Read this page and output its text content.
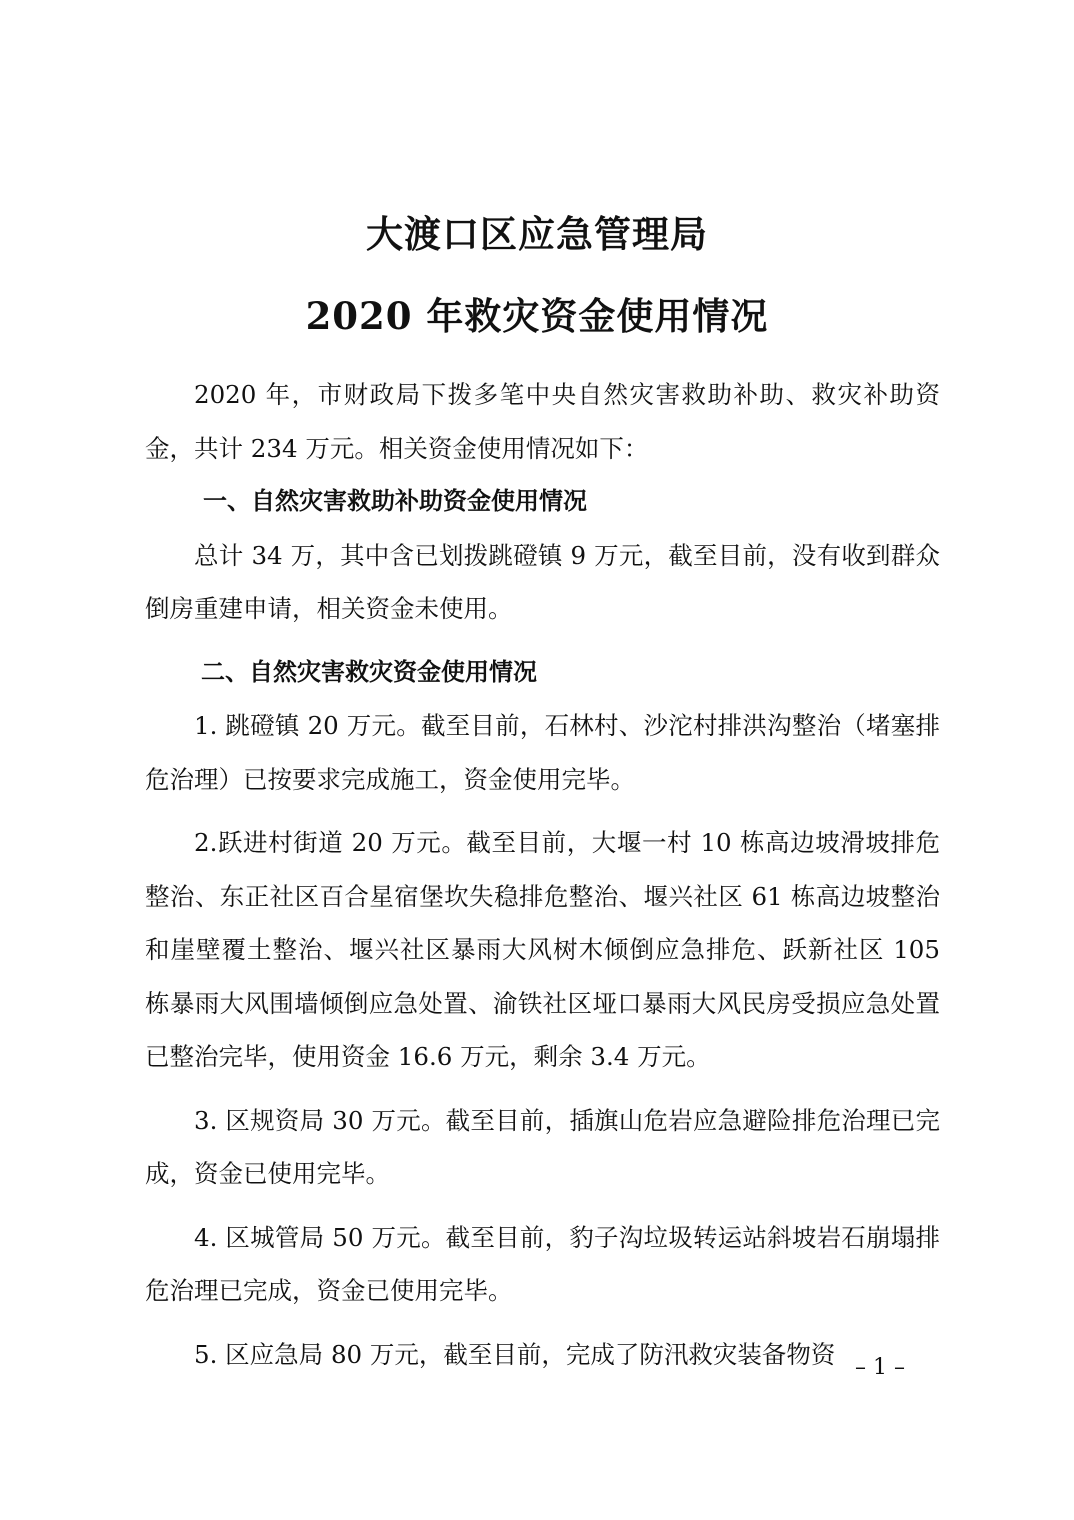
大渡口区应急管理局
2020 年救灾资金使用情况

2020 年，市财政局下拨多笔中央自然灾害救助补助、救灾补助资金，共计 234 万元。相关资金使用情况如下：

一、自然灾害救助补助资金使用情况

总计 34 万，其中含已划拨跳磴镇 9 万元，截至目前，没有收到群众倒房重建申请，相关资金未使用。

二、自然灾害救灾资金使用情况

1. 跳磴镇 20 万元。截至目前，石林村、沙沱村排洪沟整治（堵塞排危治理）已按要求完成施工，资金使用完毕。

2.跃进村街道 20 万元。截至目前，大堰一村 10 栋高边坡滑坡排危整治、东正社区百合星宿堡坎失稳排危整治、堰兴社区 61 栋高边坡整治和崖壁覆土整治、堰兴社区暴雨大风树木倾倒应急排危、跃新社区 105 栋暴雨大风围墙倾倒应急处置、渝铁社区垭口暴雨大风民房受损应急处置已整治完毕，使用资金 16.6 万元，剩余 3.4 万元。

3. 区规资局 30 万元。截至目前，插旗山危岩应急避险排危治理已完成，资金已使用完毕。

4. 区城管局 50 万元。截至目前，豹子沟垃圾转运站斜坡岩石崩塌排危治理已完成，资金已使用完毕。

5. 区应急局 80 万元，截至目前，完成了防汛救灾装备物资 – 1 –
